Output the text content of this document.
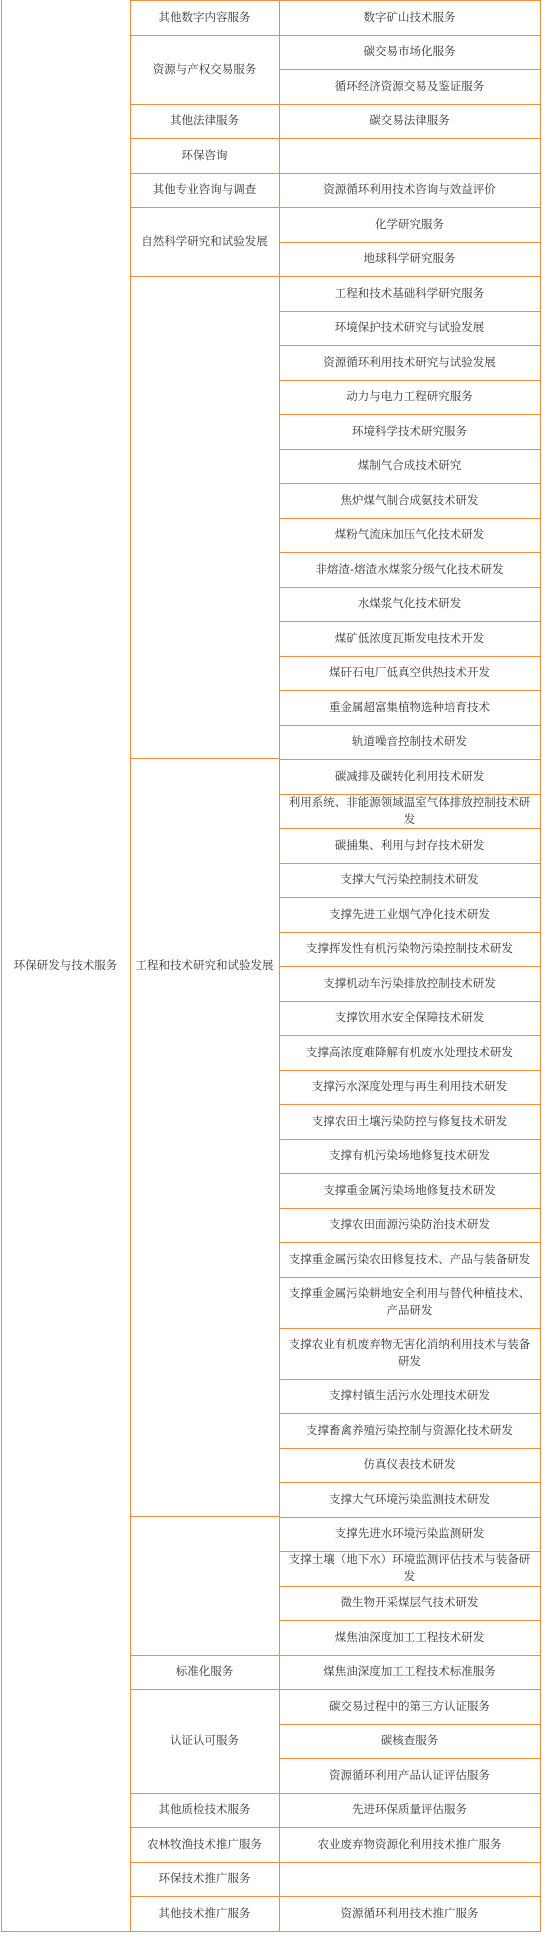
数字矿山技术服务
其他数字内容服务
碳交易市场化服务
循环经济资源交易及鉴证服务
资源与产权交易服务
碳交易法律服务
其他法律服务
环保咨询
资源循环利用技术咨询与效益评价
其他专业咨询与调查
化学研究服务
地球科学研究服务
自然科学研究和试验发展
工程和技术基础科学研究服务
环境保护技术研究与试验发展
资源循环利用技术研究与试验发展
动力与电力工程研究服务
环境科学技术研究服务
煤制气合成技术研究
焦炉煤气制合成氨技术研发
煤粉气流床加压气化技术研发
非熔渣-熔渣水煤浆分级气化技术研发
水煤浆气化技术研发
煤矿低浓度瓦斯发电技术开发
煤矸石电厂低真空供热技术开发
重金属超富集植物选种培育技术
轨道噪音控制技术研发
碳减排及碳转化利用技术研发
利用系统、非能源领域温室气体排放控制技术研发
碳捕集、利用与封存技术研发
支撑大气污染控制技术研发
支撑先进工业烟气净化技术研发
支撑挥发性有机污染物污染控制技术研发
支撑机动车污染排放控制技术研发
支撑饮用水安全保障技术研发
支撑高浓度难降解有机废水处理技术研发
支撑污水深度处理与再生利用技术研发
支撑农田土壤污染防控与修复技术研发
支撑有机污染场地修复技术研发
支撑重金属污染场地修复技术研发
支撑农田面源污染防治技术研发
支撑重金属污染农田修复技术、产品与装备研发
支撑重金属污染耕地安全利用与替代种植技术、产品研发
支撑农业有机废弃物无害化消纳利用技术与装备研发
支撑村镇生活污水处理技术研发
支撑畜禽养殖污染控制与资源化技术研发
仿真仪表技术研发
支撑大气环境污染监测技术研发
支撑先进水环境污染监测研发
支撑土壤（地下水）环境监测评估技术与装备研发
微生物开采煤层气技术研发
煤焦油深度加工工程技术研发
工程和技术研究和试验发展
煤焦油深度加工工程技术标准服务
标准化服务
碳交易过程中的第三方认证服务
碳核查服务
资源循环利用产品认证评估服务
认证认可服务
先进环保质量评估服务
其他质检技术服务
农业废弃物资源化利用技术推广服务
农林牧渔技术推广服务
环保技术推广服务
资源循环利用技术推广服务
其他技术推广服务
环保研发与技术服务
